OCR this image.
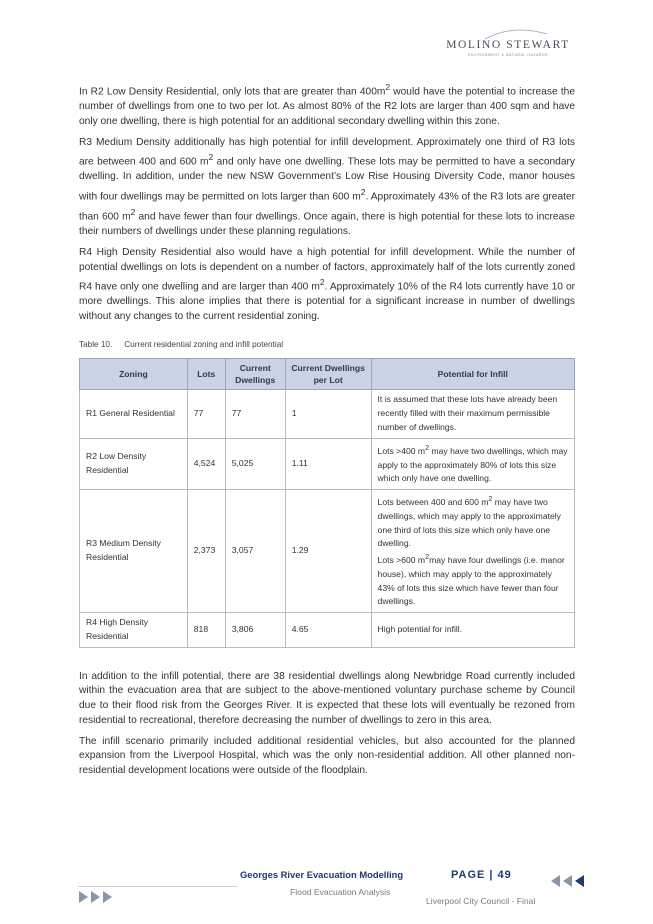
MOLINO STEWART
ENVIRONMENT & NATURAL HAZARDS

In R2 Low Density Residential, only lots that are greater than $400m^2$ would have the potential to increase the number of dwellings from one to two per lot. As almost 80% of the R2 lots are larger than 400 sqm and have only one dwelling, there is high potential for an additional secondary dwelling within this zone.

R3 Medium Density additionally has high potential for infill development. Approximately one third of R3 lots are between 400 and 600 $m^2$ and only have one dwelling. These lots may be permitted to have a secondary dwelling. In addition, under the new NSW Government’s Low Rise Housing Diversity Code, manor houses with four dwellings may be permitted on lots larger than 600 $m^2$. Approximately 43% of the R3 lots are greater than 600 $m^2$ and have fewer than four dwellings. Once again, there is high potential for these lots to increase their numbers of dwellings under these planning regulations.

R4 High Density Residential also would have a high potential for infill development. While the number of potential dwellings on lots is dependent on a number of factors, approximately half of the lots currently zoned R4 have only one dwelling and are larger than 400 $m^2$. Approximately 10% of the R4 lots currently have 10 or more dwellings. This alone implies that there is potential for a significant increase in number of dwellings without any changes to the current residential zoning.

Table 10. Current residential zoning and infill potential
Zoning	Lots	Current Dwellings	Current Dwellings per Lot	Potential for Infill
R1 General Residential	77	77	1	It is assumed that these lots have already been recently filled with their maximum permissible number of dwellings.
R2 Low Density Residential	4,524	5,025	1.11	Lots >400 $m^2$ may have two dwellings, which may apply to the approximately 80% of lots this size which only have one dwelling.
R3 Medium Density Residential	2,373	3,057	1.29	Lots between 400 and 600 $m^2$ may have two dwellings, which may apply to the approximately one third of lots this size which only have one dwelling.
Lots >600 $m^2may$ have four dwellings (i.e. manor house), which may apply to the approximately 43% of lots this size which have fewer than four dwellings.
R4 High Density Residential	818	3,806	4.65	High potential for infill.

In addition to the infill potential, there are 38 residential dwellings along Newbridge Road currently included within the evacuation area that are subject to the above-mentioned voluntary purchase scheme by Council due to their flood risk from the Georges River. It is expected that these lots will eventually be rezoned from residential to recreational, therefore decreasing the number of dwellings to zero in this area.

The infill scenario primarily included additional residential vehicles, but also accounted for the planned expansion from the Liverpool Hospital, which was the only non-residential addition. All other planned non-residential development locations were outside of the floodplain.

Georges River Evacuation Modelling
Flood Evacuation Analysis
PAGE | 49
Liverpool City Council - Final
